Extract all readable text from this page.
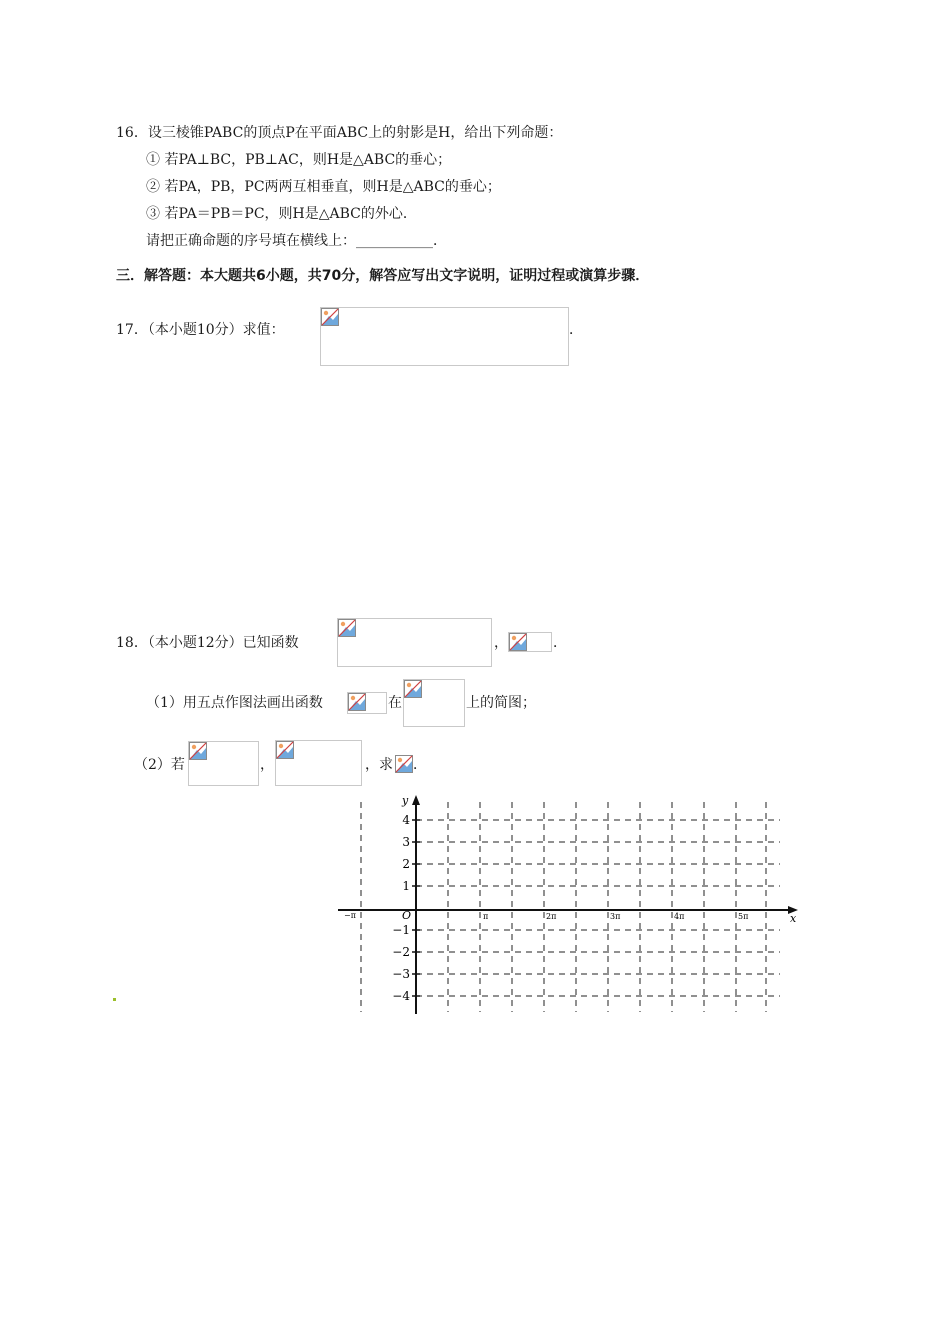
16．设三棱锥PABC的顶点P在平面ABC上的射影是H，给出下列命题：
① 若PA⊥BC，PB⊥AC，则H是△ABC的垂心；
② 若PA，PB，PC两两互相垂直，则H是△ABC的垂心；
③ 若PA＝PB＝PC，则H是△ABC的外心．
请把正确命题的序号填在横线上：___________．
三．解答题：本大题共6小题，共70分，解答应写出文字说明，证明过程或演算步骤．
17．（本小题10分）求值：	．
18．（本小题12分）已知函数	，	．
（1）用五点作图法画出函数	在	上的简图；
（2）若	，	，求 ．
y
x
O
4
3
2
1
−1
−2
−3
−4
−π	π	2π	3π	4π	5π
